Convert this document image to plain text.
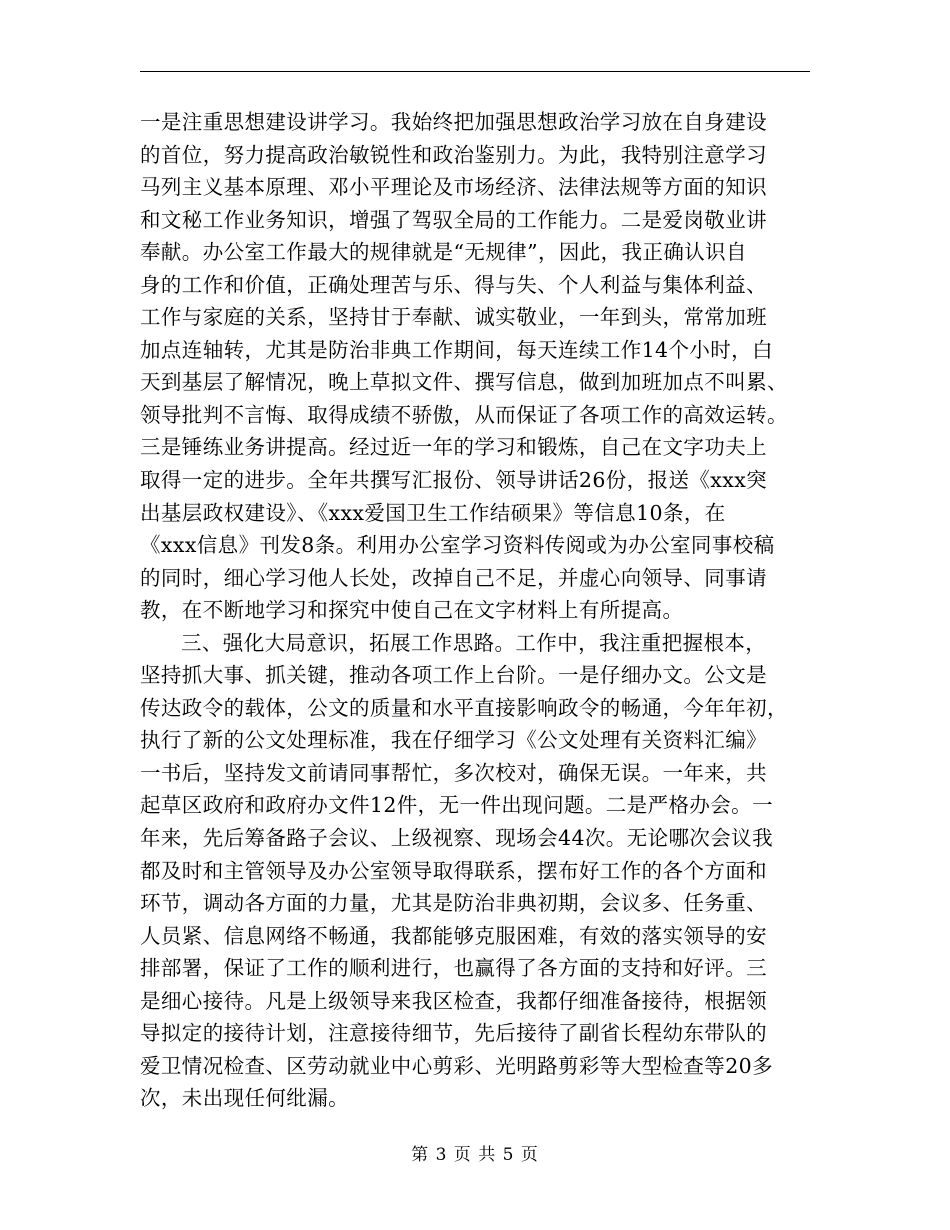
一是注重思想建设讲学习。我始终把加强思想政治学习放在自身建设
的首位，努力提高政治敏锐性和政治鉴别力。为此，我特别注意学习
马列主义基本原理、邓小平理论及市场经济、法律法规等方面的知识
和文秘工作业务知识，增强了驾驭全局的工作能力。二是爱岗敬业讲
奉献。办公室工作最大的规律就是“无规律”，因此，我正确认识自
身的工作和价值，正确处理苦与乐、得与失、个人利益与集体利益、
工作与家庭的关系，坚持甘于奉献、诚实敬业，一年到头，常常加班
加点连轴转，尤其是防治非典工作期间，每天连续工作14个小时，白
天到基层了解情况，晚上草拟文件、撰写信息，做到加班加点不叫累、
领导批判不言悔、取得成绩不骄傲，从而保证了各项工作的高效运转。
三是锤练业务讲提高。经过近一年的学习和锻炼，自己在文字功夫上
取得一定的进步。全年共撰写汇报份、领导讲话26份，报送《xxx突
出基层政权建设》、《xxx爱国卫生工作结硕果》等信息10条，在
《xxx信息》刊发8条。利用办公室学习资料传阅或为办公室同事校稿
的同时，细心学习他人长处，改掉自己不足，并虚心向领导、同事请
教，在不断地学习和探究中使自己在文字材料上有所提高。
三、强化大局意识，拓展工作思路。工作中，我注重把握根本，
坚持抓大事、抓关键，推动各项工作上台阶。一是仔细办文。公文是
传达政令的载体，公文的质量和水平直接影响政令的畅通，今年年初，
执行了新的公文处理标准，我在仔细学习《公文处理有关资料汇编》
一书后，坚持发文前请同事帮忙，多次校对，确保无误。一年来，共
起草区政府和政府办文件12件，无一件出现问题。二是严格办会。一
年来，先后筹备路子会议、上级视察、现场会44次。无论哪次会议我
都及时和主管领导及办公室领导取得联系，摆布好工作的各个方面和
环节，调动各方面的力量，尤其是防治非典初期，会议多、任务重、
人员紧、信息网络不畅通，我都能够克服困难，有效的落实领导的安
排部署，保证了工作的顺利进行，也赢得了各方面的支持和好评。三
是细心接待。凡是上级领导来我区检查，我都仔细准备接待，根据领
导拟定的接待计划，注意接待细节，先后接待了副省长程幼东带队的
爱卫情况检查、区劳动就业中心剪彩、光明路剪彩等大型检查等20多
次，未出现任何纰漏。
第 3 页 共 5 页
